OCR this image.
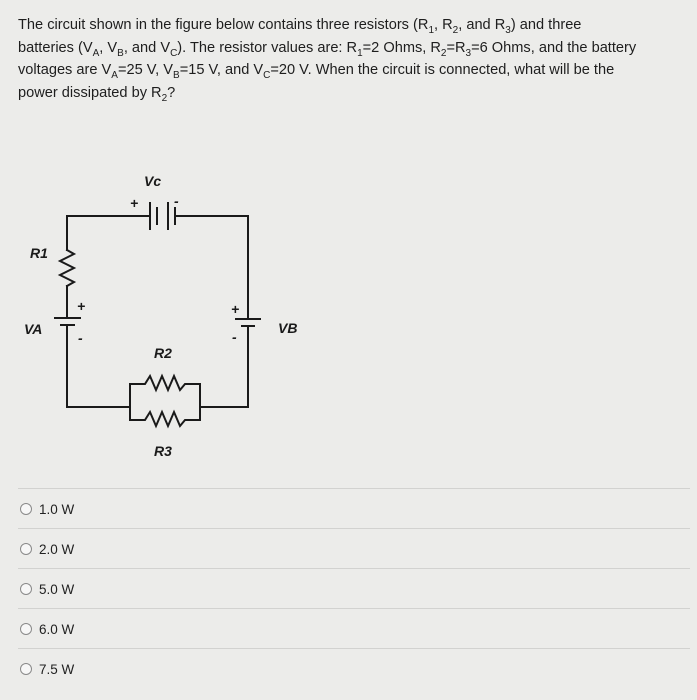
The circuit shown in the figure below contains three resistors ($R_1$, $R_2$, and $R_3$) and three
batteries ($V_A$, $V_B$, and $V_C$). The resistor values are: $R_1=2$ Ohms, $R_2=R_3=6$ Ohms, and the battery
voltages are $V_A=25$ V, $V_B=15$ V, and $V_C=20$ V. When the circuit is connected, what will be the
power dissipated by $R_2$?
Vc
+	-
R1
VA
+
-
VB
+
-
R2
R3
1.0 W
2.0 W
5.0 W
6.0 W
7.5 W
